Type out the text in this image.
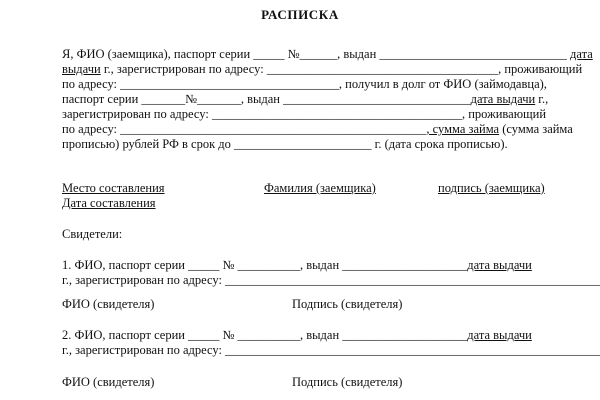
РАСПИСКА
Я, ФИО (заемщика), паспорт серии _____ №______, выдан ______________________________ дата
выдачи г., зарегистрирован по адресу: _____________________________________, проживающий
по адресу: ___________________________________, получил в долг от ФИО (займодавца),
паспорт серии _______№_______, выдан ______________________________дата выдачи г.,
зарегистрирован по адресу: ________________________________________, проживающий
по адресу: _________________________________________________, сумма займа (сумма займа
прописью) рублей РФ в срок до ______________________ г. (дата срока прописью).
Место составления	Фамилия (заемщика)	подпись (заемщика)
Дата составления
Свидетели:
1. ФИО, паспорт серии _____ № __________, выдан ____________________дата выдачи
г., зарегистрирован по адресу: ____________________________________________________________
ФИО (свидетеля)	Подпись (свидетеля)
2. ФИО, паспорт серии _____ № __________, выдан ____________________дата выдачи
г., зарегистрирован по адресу: ____________________________________________________________
ФИО (свидетеля)	Подпись (свидетеля)
